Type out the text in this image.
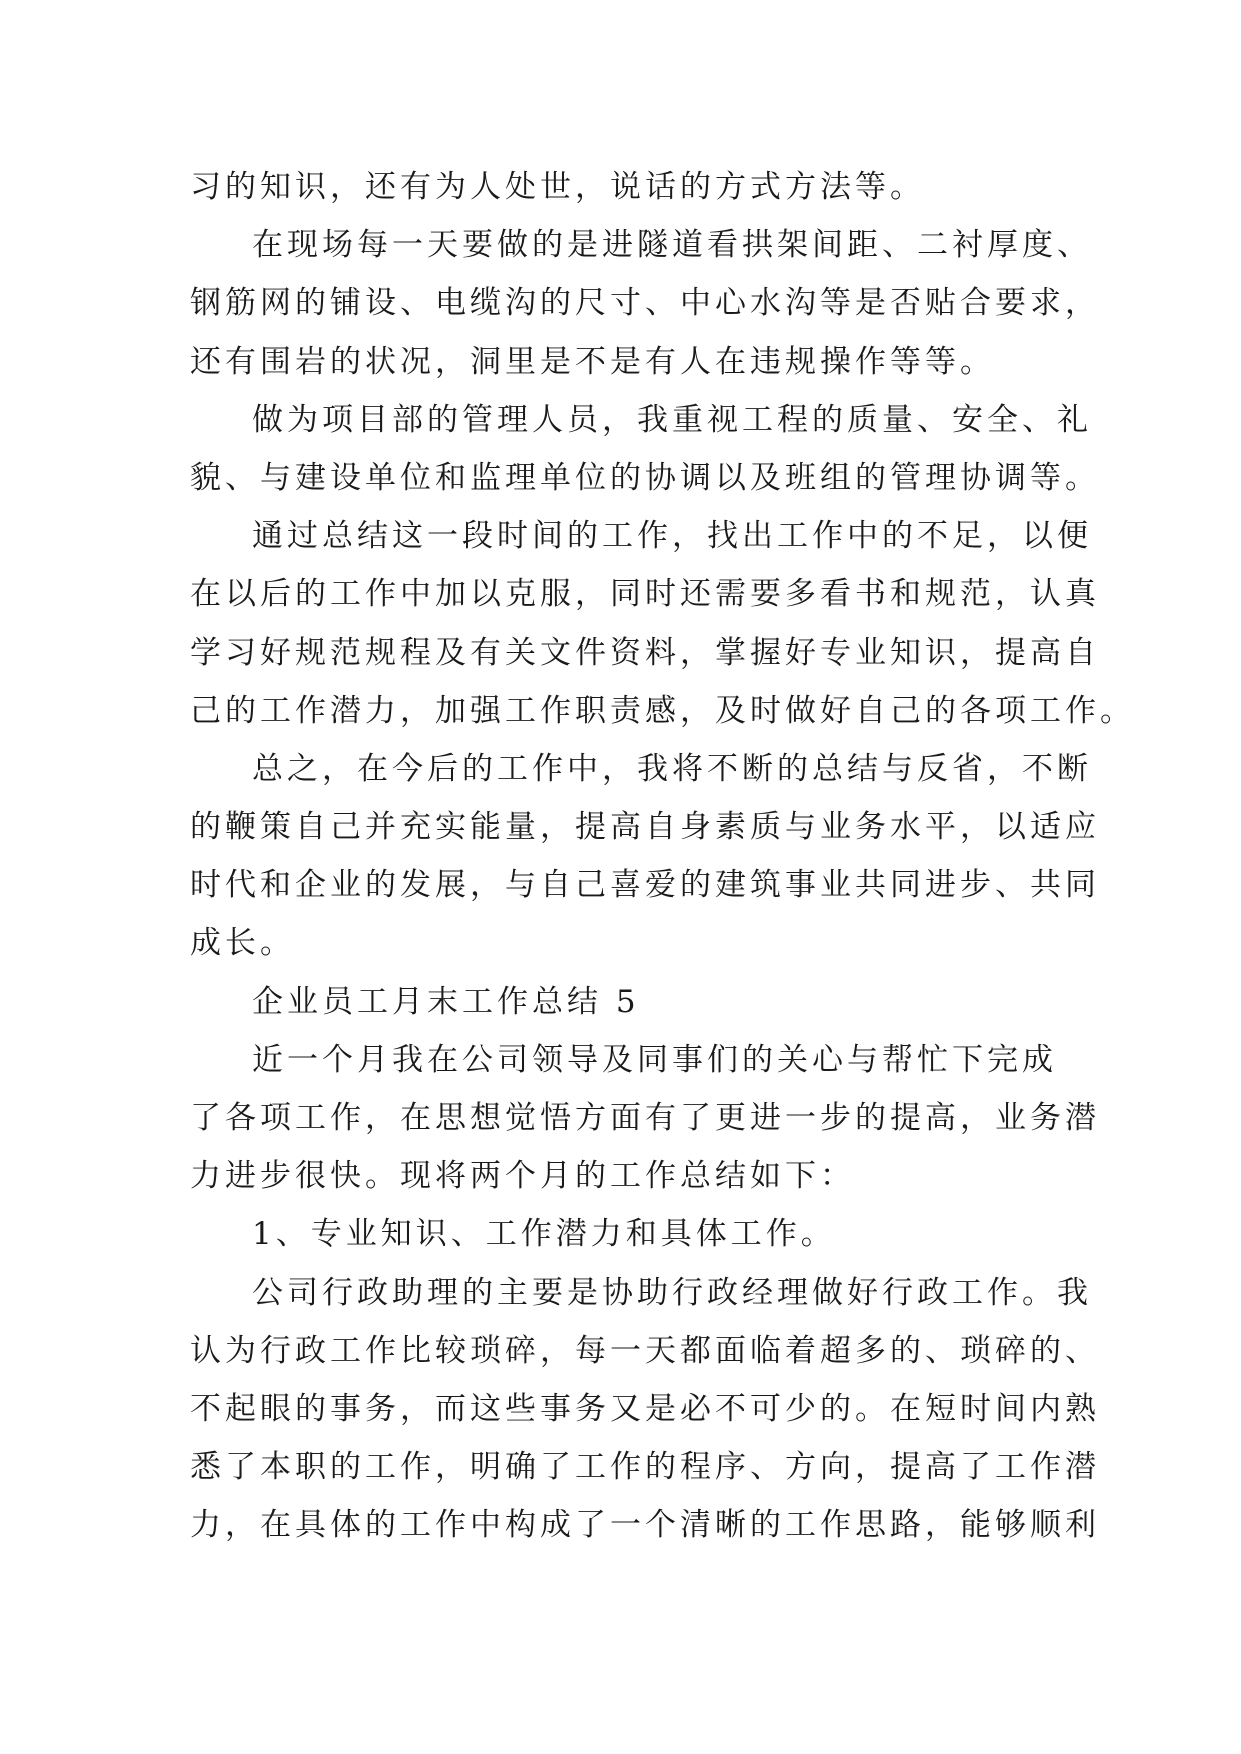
习的知识，还有为人处世，说话的方式方法等。
在现场每一天要做的是进隧道看拱架间距、二衬厚度、
钢筋网的铺设、电缆沟的尺寸、中心水沟等是否贴合要求，
还有围岩的状况，洞里是不是有人在违规操作等等。
做为项目部的管理人员，我重视工程的质量、安全、礼
貌、与建设单位和监理单位的协调以及班组的管理协调等。
通过总结这一段时间的工作，找出工作中的不足，以便
在以后的工作中加以克服，同时还需要多看书和规范，认真
学习好规范规程及有关文件资料，掌握好专业知识，提高自
己的工作潜力，加强工作职责感，及时做好自己的各项工作。
总之，在今后的工作中，我将不断的总结与反省，不断
的鞭策自己并充实能量，提高自身素质与业务水平，以适应
时代和企业的发展，与自己喜爱的建筑事业共同进步、共同
成长。
企业员工月末工作总结 5
近一个月我在公司领导及同事们的关心与帮忙下完成
了各项工作，在思想觉悟方面有了更进一步的提高，业务潜
力进步很快。现将两个月的工作总结如下：
1、专业知识、工作潜力和具体工作。
公司行政助理的主要是协助行政经理做好行政工作。我
认为行政工作比较琐碎，每一天都面临着超多的、琐碎的、
不起眼的事务，而这些事务又是必不可少的。在短时间内熟
悉了本职的工作，明确了工作的程序、方向，提高了工作潜
力，在具体的工作中构成了一个清晰的工作思路，能够顺利
